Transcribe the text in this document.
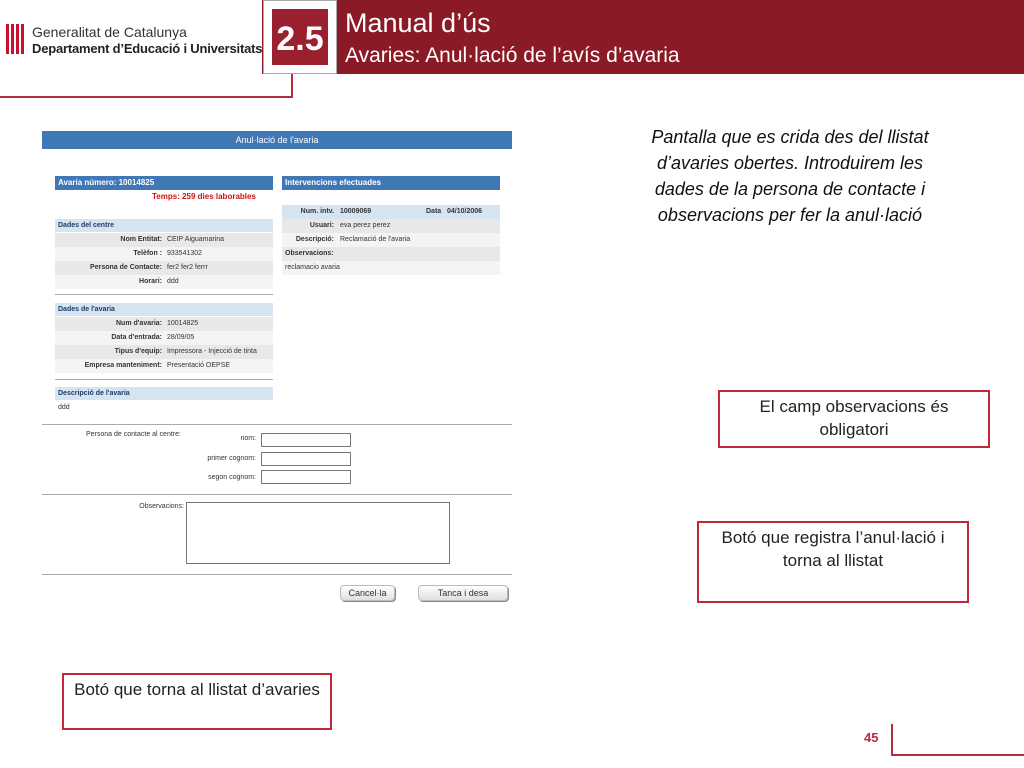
Generalitat de Catalunya
Departament d’Educació i Universitats 2.5 Manual d’ús
Avaries: Anul·lació de l’avís d’avaria
Anul·lació de l'avaria
Avaria número: 10014825
Temps: 259 dies laborables
Dades del centre
Nom Entitat: CEIP Aiguamarina
Telèfon : 933541302
Persona de Contacte: fer2 fer2 ferrr
Horari: ddd
Dades de l'avaria
Num d'avaria: 10014825
Data d'entrada: 28/09/05
Tipus d'equip: Impressora - Injecció de tinta
Empresa manteniment: Presentació OEPSE
Descripció de l'avaria
ddd
Intervencions efectuades
Num. intv. 10009069	Data 04/10/2006
Usuari: eva perez perez
Descripció: Reclamació de l'avaria
Observacions:
reclamacio avaria
Persona de contacte al centre:
nom:
primer cognom:
segon cognom:
Observacions:
Cancel·la	Tanca i desa
Pantalla que es crida des del llistat d’avaries obertes. Introduirem les dades de la persona de contacte i observacions per fer la anul·lació
El camp observacions és obligatori
Botó que registra l’anul·lació i torna al llistat
Botó que torna al llistat d’avaries
45
